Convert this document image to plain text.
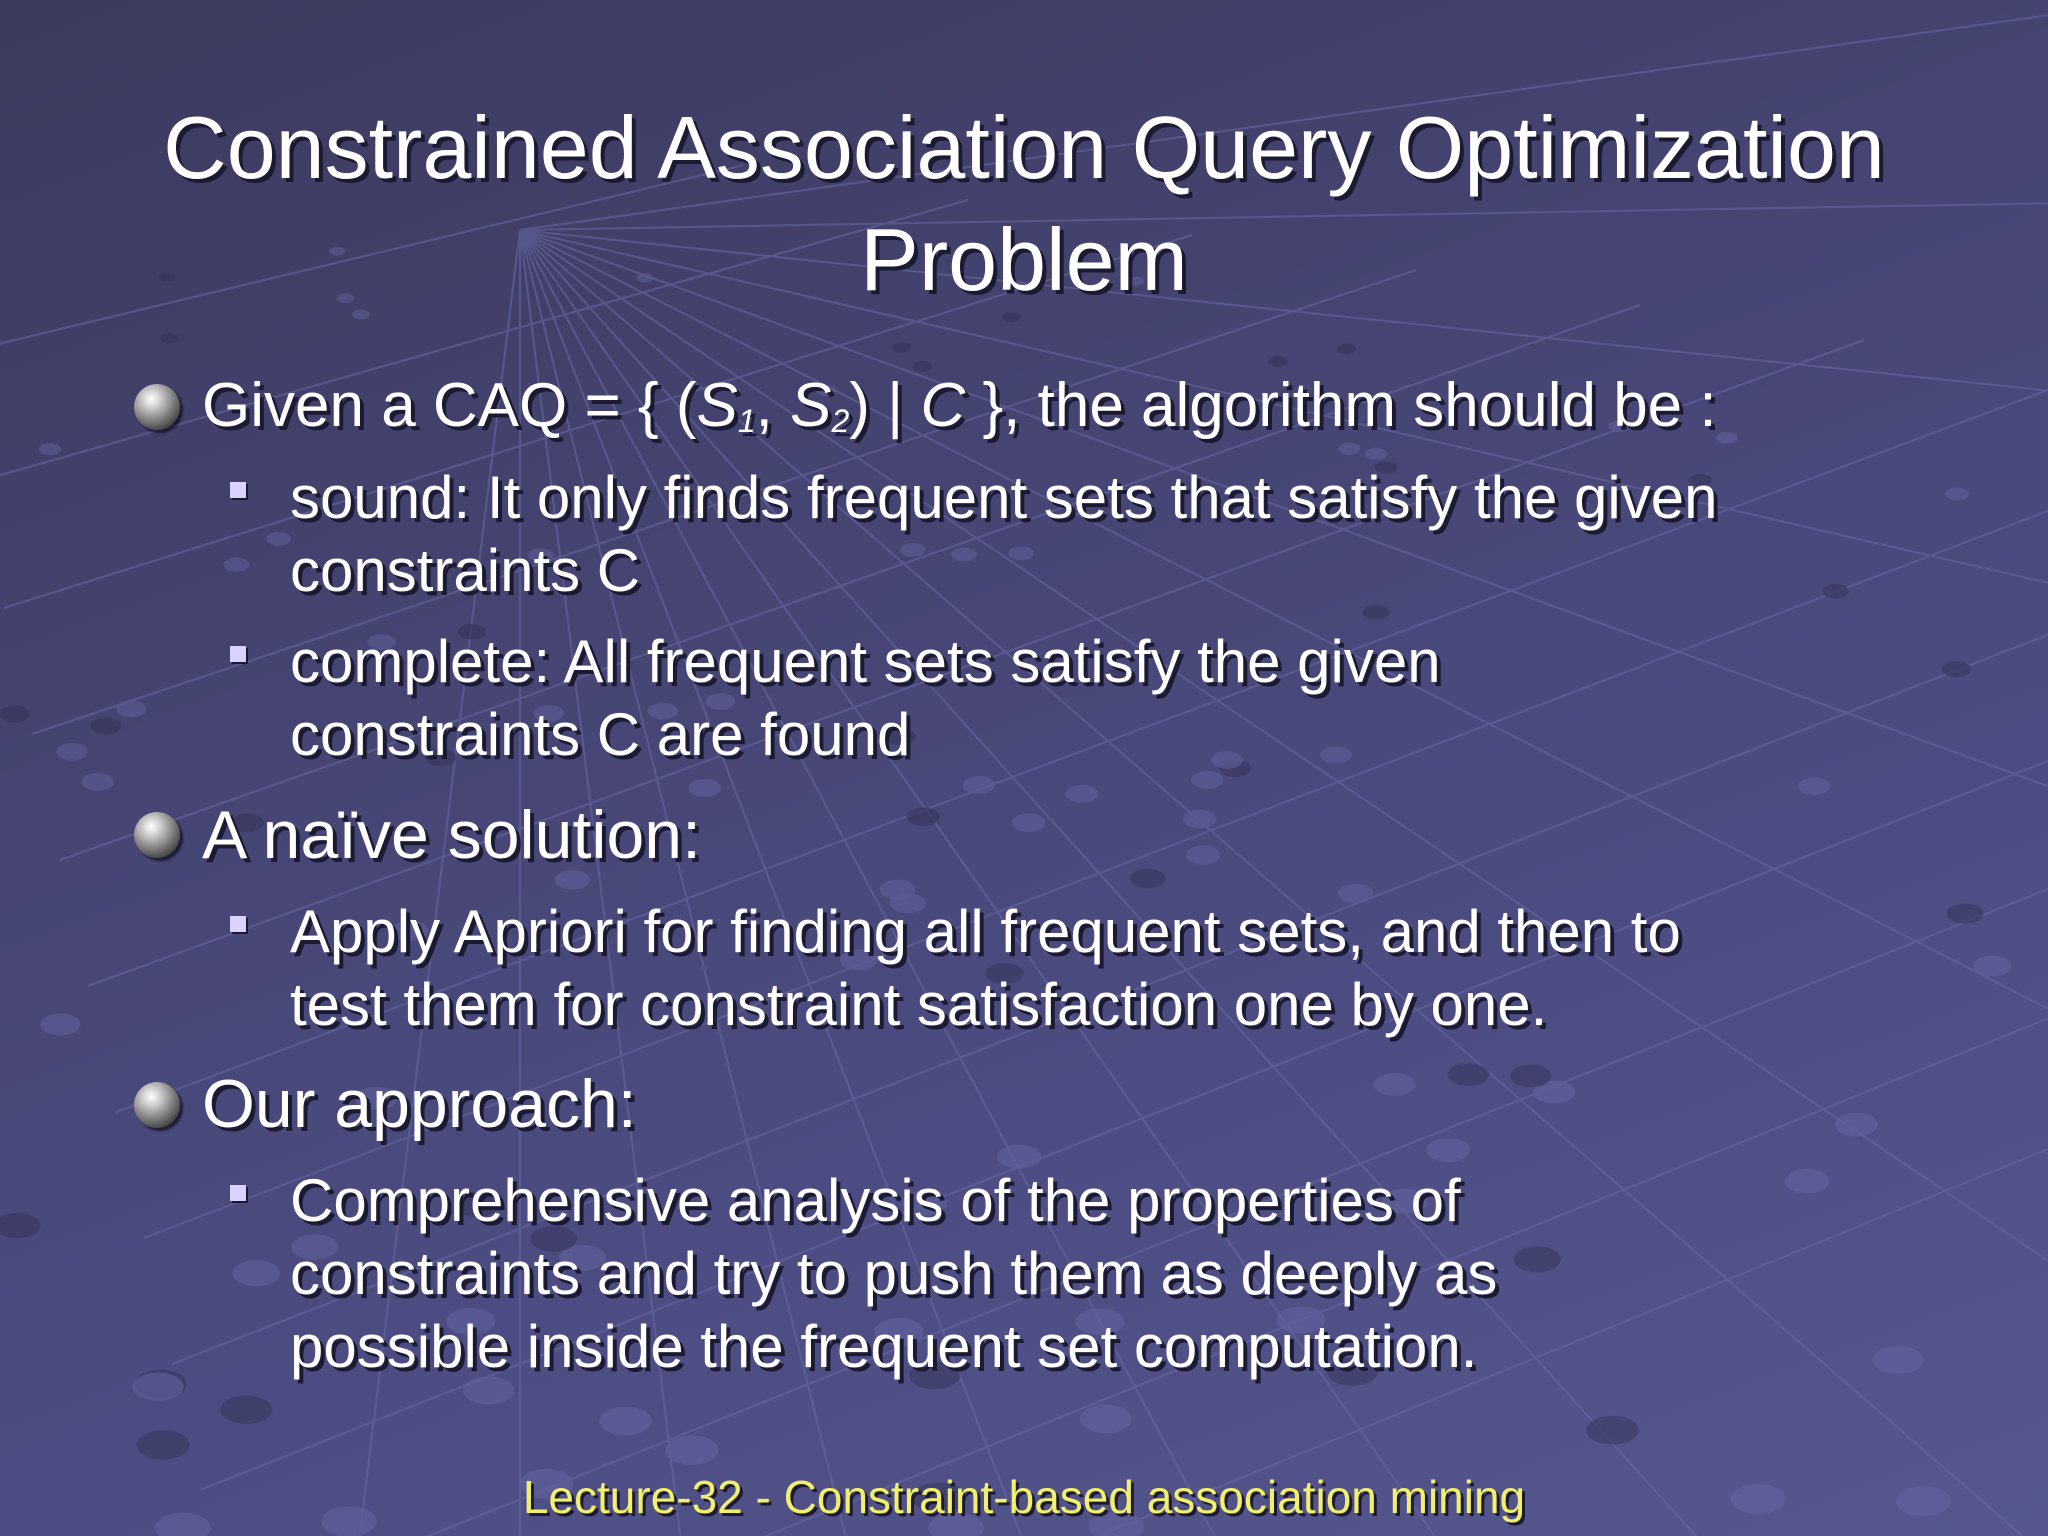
Constrained Association Query Optimization
Problem
Given a CAQ = { ($S_1$, $S_2$) | C }, the algorithm should be :
sound: It only finds frequent sets that satisfy the given
constraints C
complete: All frequent sets satisfy the given
constraints C are found
A naïve solution:
Apply Apriori for finding all frequent sets, and then to
test them for constraint satisfaction one by one.
Our approach:
Comprehensive analysis of the properties of
constraints and try to push them as deeply as
possible inside the frequent set computation.
Lecture-32 - Constraint-based association mining
